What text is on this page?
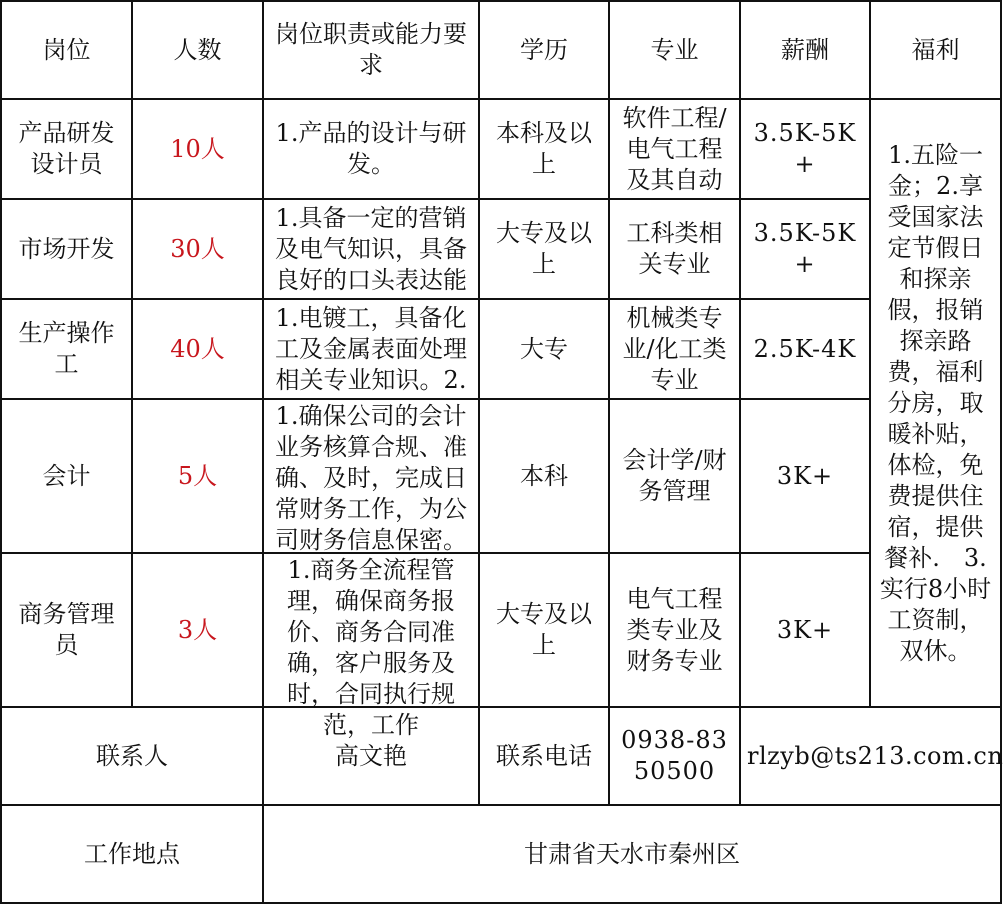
岗位	人数	岗位职责或能力要求	学历	专业	薪酬	福利
产品研发设计员	10人	1.产品的设计与研发。	本科及以上	软件工程/电气工程及其自动	3.5K-5K+	1.五险一金；2.享受国家法定节假日和探亲假，报销探亲路费，福利分房，取暖补贴，体检，免费提供住宿，提供餐补.　3.实行8小时工资制，双休。
市场开发	30人	1.具备一定的营销及电气知识，具备良好的口头表达能	大专及以上	工科类相关专业	3.5K-5K+	
生产操作工	40人	1.电镀工，具备化工及金属表面处理相关专业知识。2.	大专	机械类专业/化工类专业	2.5K-4K	
会计	5人	1.确保公司的会计业务核算合规、准确、及时，完成日常财务工作，为公司财务信息保密。	本科	会计学/财务管理	3K+	
商务管理员	3人	1.商务全流程管理，确保商务报价、商务合同准确，客户服务及时，合同执行规范，工作	大专及以上	电气工程类专业及财务专业	3K+	
联系人		高文艳	联系电话	0938-8350500	rlzyb@ts213.com.cn	
工作地点		甘肃省天水市秦州区				
